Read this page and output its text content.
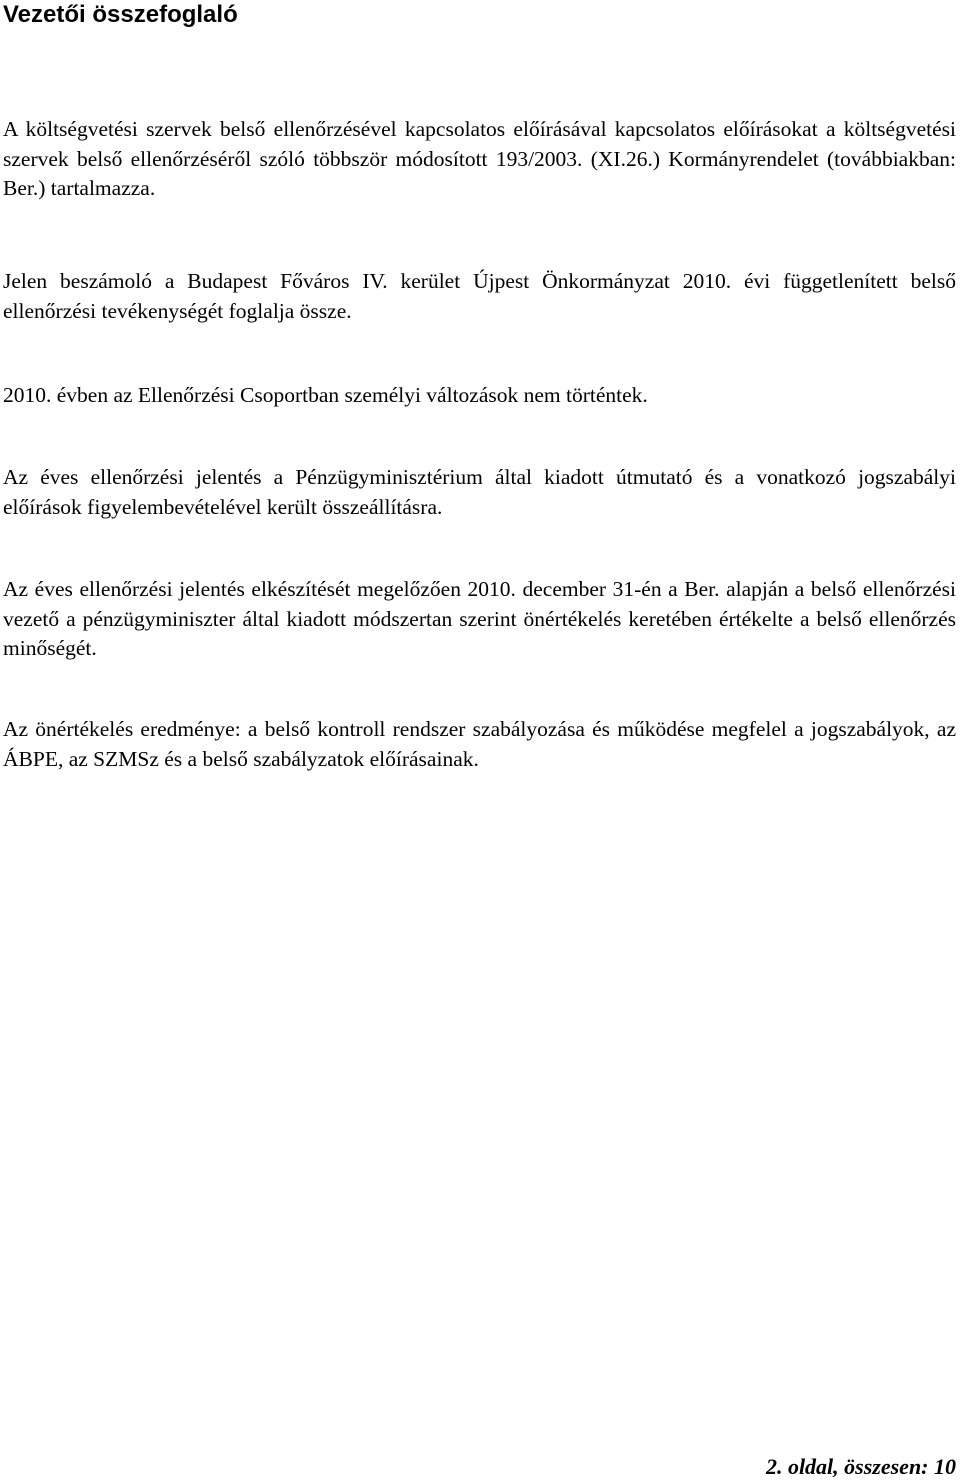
Vezetői összefoglaló

A költségvetési szervek belső ellenőrzésével kapcsolatos előírásával kapcsolatos előírásokat a költségvetési szervek belső ellenőrzéséről szóló többször módosított 193/2003. (XI.26.) Kormányrendelet (továbbiakban: Ber.) tartalmazza.

Jelen beszámoló a Budapest Főváros IV. kerület Újpest Önkormányzat 2010. évi függetlenített belső ellenőrzési tevékenységét foglalja össze.

2010. évben az Ellenőrzési Csoportban személyi változások nem történtek.

Az éves ellenőrzési jelentés a Pénzügyminisztérium által kiadott útmutató és a vonatkozó jogszabályi előírások figyelembevételével került összeállításra.

Az éves ellenőrzési jelentés elkészítését megelőzően 2010. december 31-én a Ber. alapján a belső ellenőrzési vezető a pénzügyminiszter által kiadott módszertan szerint önértékelés keretében értékelte a belső ellenőrzés minőségét.

Az önértékelés eredménye: a belső kontroll rendszer szabályozása és működése megfelel a jogszabályok, az ÁBPE, az SZMSz és a belső szabályzatok előírásainak.

2. oldal, összesen: 10
